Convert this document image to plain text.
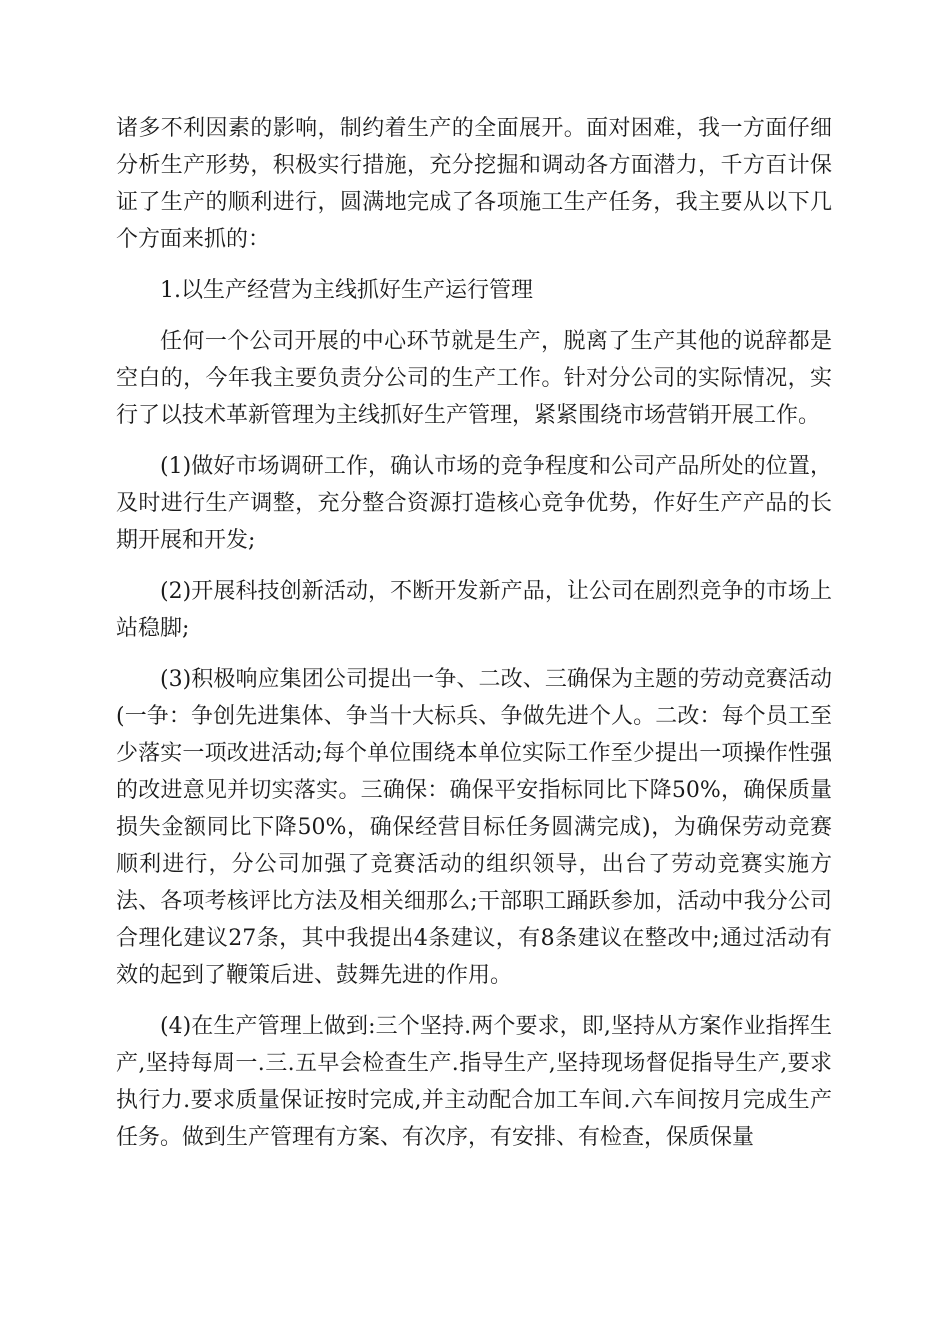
诸多不利因素的影响，制约着生产的全面展开。面对困难，我一方面仔细分析生产形势，积极实行措施，充分挖掘和调动各方面潜力，千方百计保证了生产的顺利进行，圆满地完成了各项施工生产任务，我主要从以下几个方面来抓的：

1.以生产经营为主线抓好生产运行管理

任何一个公司开展的中心环节就是生产，脱离了生产其他的说辞都是空白的，今年我主要负责分公司的生产工作。针对分公司的实际情况，实行了以技术革新管理为主线抓好生产管理，紧紧围绕市场营销开展工作。

(1)做好市场调研工作，确认市场的竞争程度和公司产品所处的位置，及时进行生产调整，充分整合资源打造核心竞争优势，作好生产产品的长期开展和开发;

(2)开展科技创新活动，不断开发新产品，让公司在剧烈竞争的市场上站稳脚;

(3)积极响应集团公司提出一争、二改、三确保为主题的劳动竞赛活动(一争：争创先进集体、争当十大标兵、争做先进个人。二改：每个员工至少落实一项改进活动;每个单位围绕本单位实际工作至少提出一项操作性强的改进意见并切实落实。三确保：确保平安指标同比下降50%，确保质量损失金额同比下降50%，确保经营目标任务圆满完成)，为确保劳动竞赛顺利进行，分公司加强了竞赛活动的组织领导，出台了劳动竞赛实施方法、各项考核评比方法及相关细那么;干部职工踊跃参加，活动中我分公司合理化建议27条，其中我提出4条建议，有8条建议在整改中;通过活动有效的起到了鞭策后进、鼓舞先进的作用。

(4)在生产管理上做到:三个坚持.两个要求，即,坚持从方案作业指挥生产,坚持每周一.三.五早会检查生产.指导生产,坚持现场督促指导生产,要求执行力.要求质量保证按时完成,并主动配合加工车间.六车间按月完成生产任务。做到生产管理有方案、有次序，有安排、有检查，保质保量
